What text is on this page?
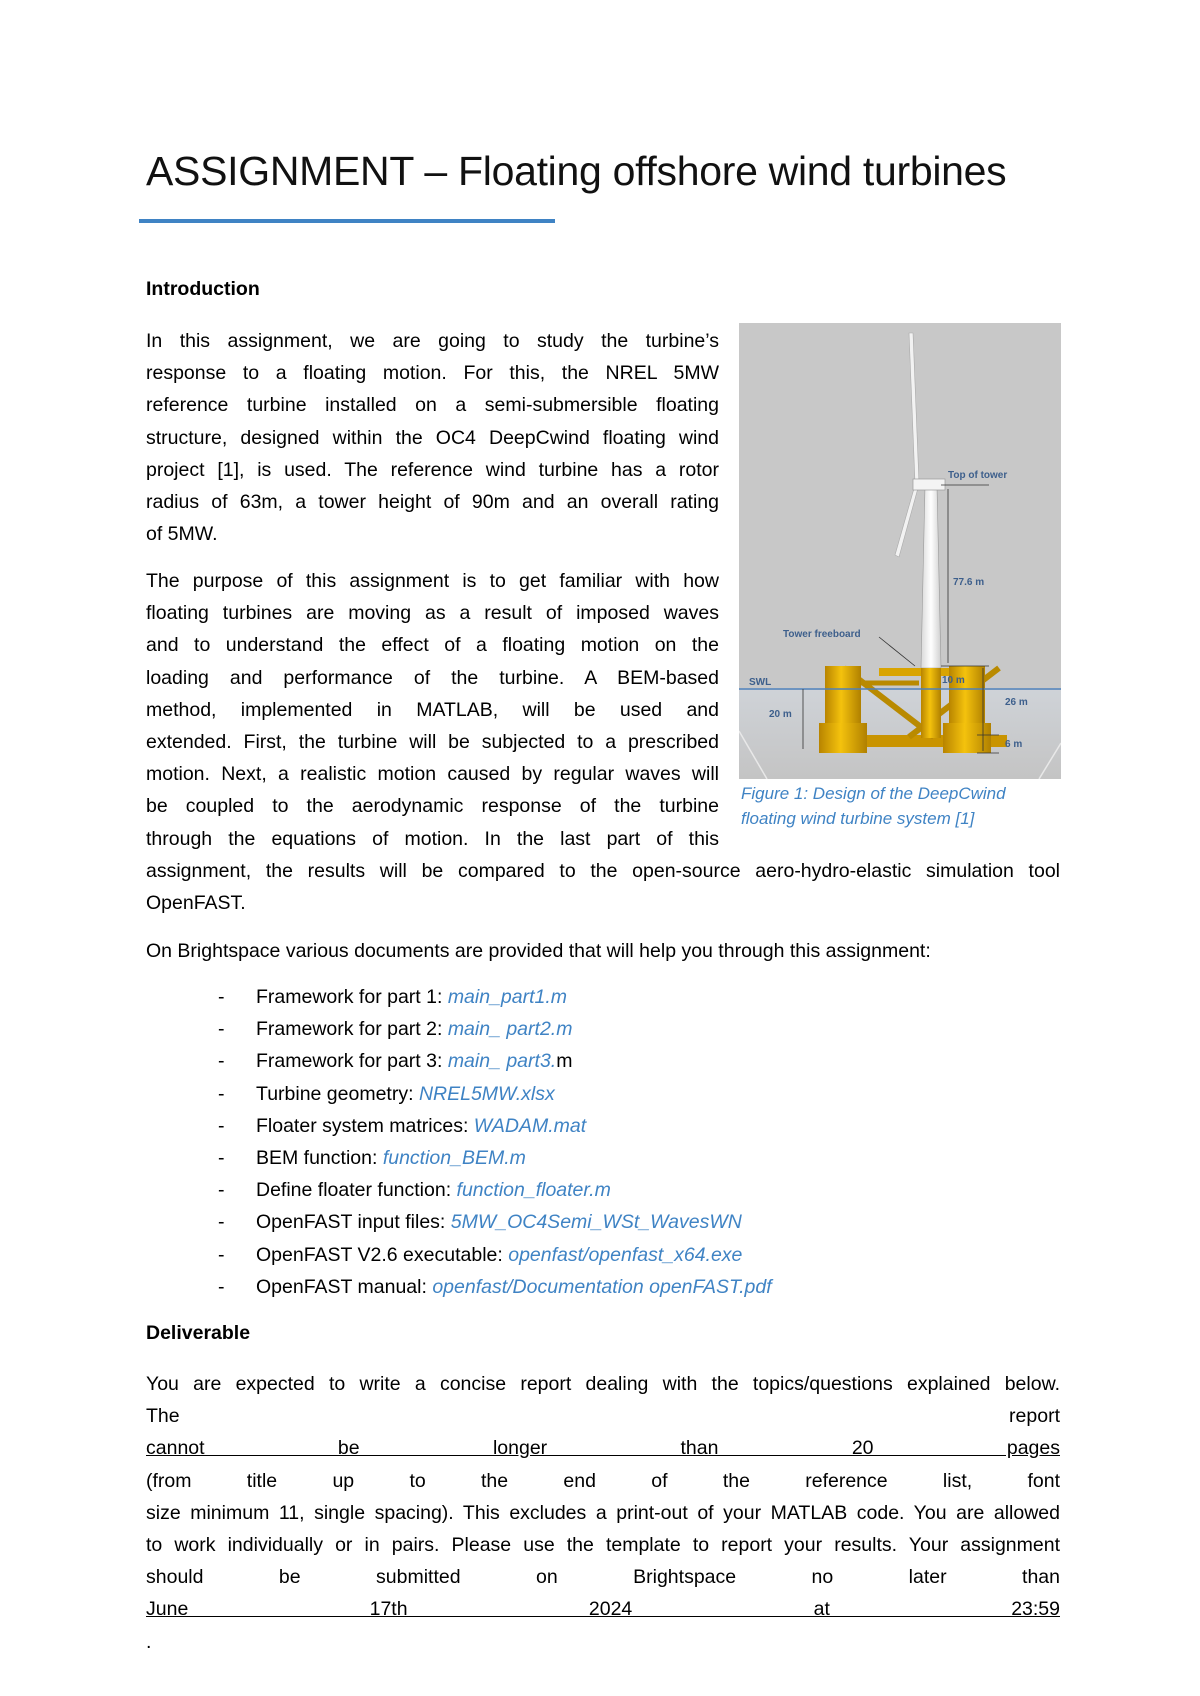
ASSIGNMENT – Floating offshore wind turbines
Introduction
In this assignment, we are going to study the turbine’s
response to a floating motion. For this, the NREL 5MW
reference turbine installed on a semi-submersible floating
structure, designed within the OC4 DeepCwind floating wind
project [1], is used. The reference wind turbine has a rotor
radius of 63m, a tower height of 90m and an overall rating
of 5MW.
The purpose of this assignment is to get familiar with how
floating turbines are moving as a result of imposed waves
and to understand the effect of a floating motion on the
loading and performance of the turbine. A BEM-based
method, implemented in MATLAB, will be used and
extended. First, the turbine will be subjected to a prescribed
motion. Next, a realistic motion caused by regular waves will
be coupled to the aerodynamic response of the turbine
through the equations of motion. In the last part of this
assignment, the results will be compared to the open-source aero-hydro-elastic simulation tool
OpenFAST.
Top of tower
77.6 m
Tower freeboard
SWL	10 m
26 m
20 m
6 m

Figure 1: Design of the DeepCwind
floating wind turbine system [1]

On Brightspace various documents are provided that will help you through this assignment:

- Framework for part 1: main_part1.m
- Framework for part 2: main_ part2.m
- Framework for part 3: main_ part3.m
- Turbine geometry: NREL5MW.xlsx
- Floater system matrices: WADAM.mat
- BEM function: function_BEM.m
- Define floater function: function_floater.m
- OpenFAST input files: 5MW_OC4Semi_WSt_WavesWN
- OpenFAST V2.6 executable: openfast/openfast_x64.exe
- OpenFAST manual: openfast/Documentation openFAST.pdf
Deliverable
You are expected to write a concise report dealing with the topics/questions explained below.
The report
cannot be longer than 20 pages
(from title up to the end of the reference list, font
size minimum 11, single spacing). This excludes a print-out of your MATLAB code. You are allowed
to work individually or in pairs. Please use the template to report your results. Your assignment
should be submitted on Brightspace no later than
June 17th 2024 at 23:59
.
